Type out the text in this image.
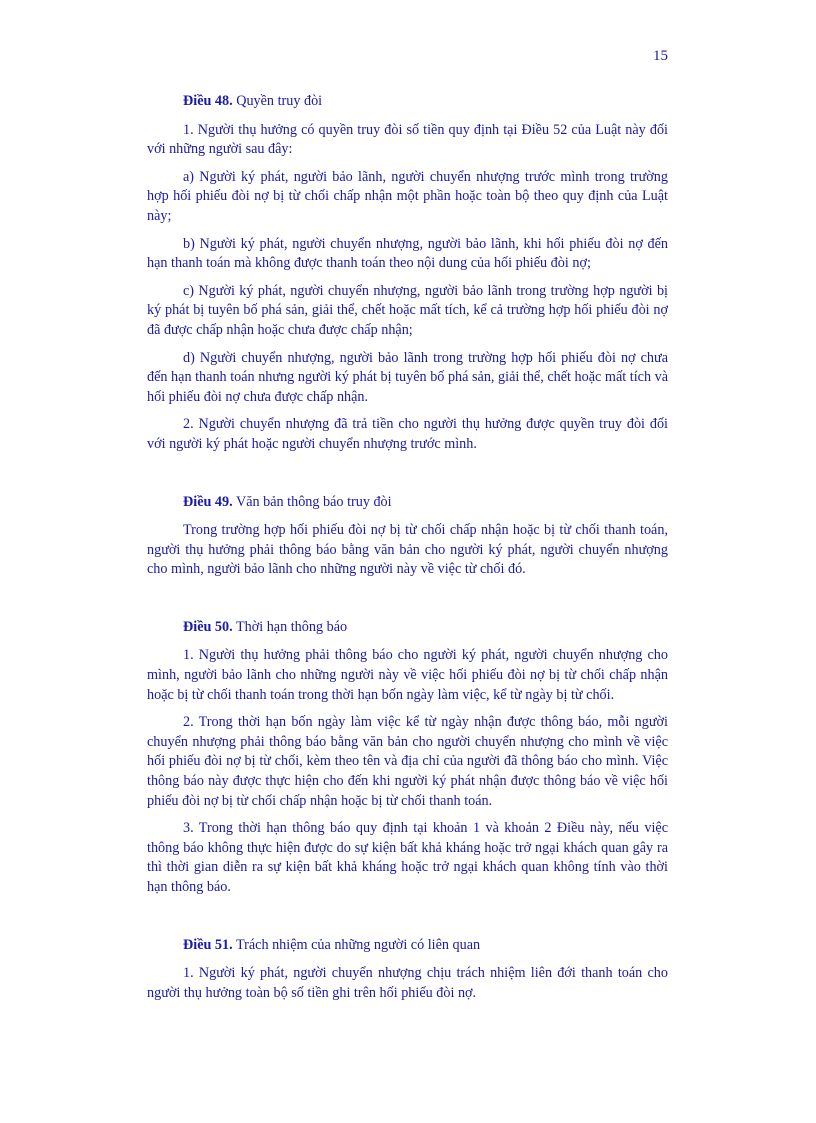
15

Điều 48. Quyền truy đòi

1. Người thụ hưởng có quyền truy đòi số tiền quy định tại Điều 52 của Luật này đối với những người sau đây:

a) Người ký phát, người bảo lãnh, người chuyển nhượng trước mình trong trường hợp hối phiếu đòi nợ bị từ chối chấp nhận một phần hoặc toàn bộ theo quy định của Luật này;

b) Người ký phát, người chuyển nhượng, người bảo lãnh, khi hối phiếu đòi nợ đến hạn thanh toán mà không được thanh toán theo nội dung của hối phiếu đòi nợ;

c) Người ký phát, người chuyển nhượng, người bảo lãnh trong trường hợp người bị ký phát bị tuyên bố phá sản, giải thể, chết hoặc mất tích, kể cả trường hợp hối phiếu đòi nợ đã được chấp nhận hoặc chưa được chấp nhận;

d) Người chuyển nhượng, người bảo lãnh trong trường hợp hối phiếu đòi nợ chưa đến hạn thanh toán nhưng người ký phát bị tuyên bố phá sản, giải thể, chết hoặc mất tích và hối phiếu đòi nợ chưa được chấp nhận.

2. Người chuyển nhượng đã trả tiền cho người thụ hưởng được quyền truy đòi đối với người ký phát hoặc người chuyển nhượng trước mình.

Điều 49. Văn bản thông báo truy đòi

Trong trường hợp hối phiếu đòi nợ bị từ chối chấp nhận hoặc bị từ chối thanh toán, người thụ hưởng phải thông báo bằng văn bản cho người ký phát, người chuyển nhượng cho mình, người bảo lãnh cho những người này về việc từ chối đó.

Điều 50. Thời hạn thông báo

1. Người thụ hưởng phải thông báo cho người ký phát, người chuyển nhượng cho mình, người bảo lãnh cho những người này về việc hối phiếu đòi nợ bị từ chối chấp nhận hoặc bị từ chối thanh toán trong thời hạn bốn ngày làm việc, kể từ ngày bị từ chối.

2. Trong thời hạn bốn ngày làm việc kể từ ngày nhận được thông báo, mỗi người chuyển nhượng phải thông báo bằng văn bản cho người chuyển nhượng cho mình về việc hối phiếu đòi nợ bị từ chối, kèm theo tên và địa chỉ của người đã thông báo cho mình. Việc thông báo này được thực hiện cho đến khi người ký phát nhận được thông báo về việc hối phiếu đòi nợ bị từ chối chấp nhận hoặc bị từ chối thanh toán.

3. Trong thời hạn thông báo quy định tại khoản 1 và khoản 2 Điều này, nếu việc thông báo không thực hiện được do sự kiện bất khả kháng hoặc trở ngại khách quan gây ra thì thời gian diễn ra sự kiện bất khả kháng hoặc trở ngại khách quan không tính vào thời hạn thông báo.

Điều 51. Trách nhiệm của những người có liên quan

1. Người ký phát, người chuyển nhượng chịu trách nhiệm liên đới thanh toán cho người thụ hưởng toàn bộ số tiền ghi trên hối phiếu đòi nợ.
